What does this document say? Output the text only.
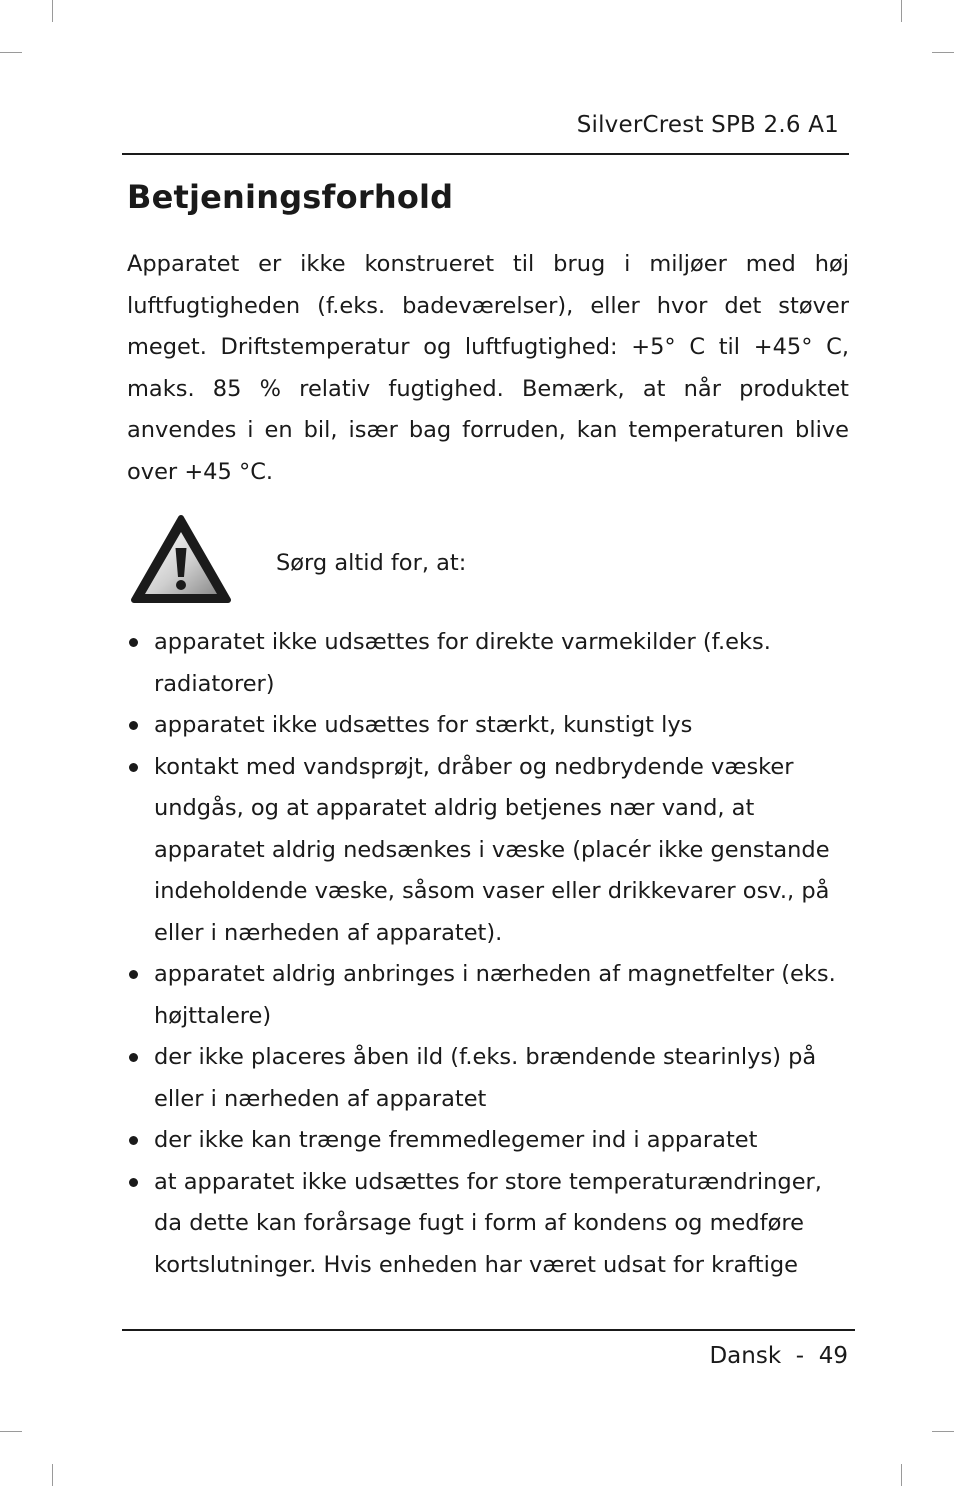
SilverCrest SPB 2.6 A1
Betjeningsforhold

Apparatet er ikke konstrueret til brug i miljøer med høj luftfugtigheden (f.eks. badeværelser), eller hvor det støver meget. Driftstemperatur og luftfugtighed: +5° C til +45° C, maks. 85 % relativ fugtighed. Bemærk, at når produktet anvendes i en bil, især bag forruden, kan temperaturen blive over +45 °C.

Sørg altid for, at:
apparatet ikke udsættes for direkte varmekilder (f.eks. radiatorer)
apparatet ikke udsættes for stærkt, kunstigt lys
kontakt med vandsprøjt, dråber og nedbrydende væsker undgås, og at apparatet aldrig betjenes nær vand, at apparatet aldrig nedsænkes i væske (placér ikke genstande indeholdende væske, såsom vaser eller drikkevarer osv., på eller i nærheden af apparatet).
apparatet aldrig anbringes i nærheden af magnetfelter (eks. højttalere)
der ikke placeres åben ild (f.eks. brændende stearinlys) på eller i nærheden af apparatet
der ikke kan trænge fremmedlegemer ind i apparatet
at apparatet ikke udsættes for store temperaturændringer, da dette kan forårsage fugt i form af kondens og medføre kortslutninger. Hvis enheden har været udsat for kraftige
Dansk - 49
